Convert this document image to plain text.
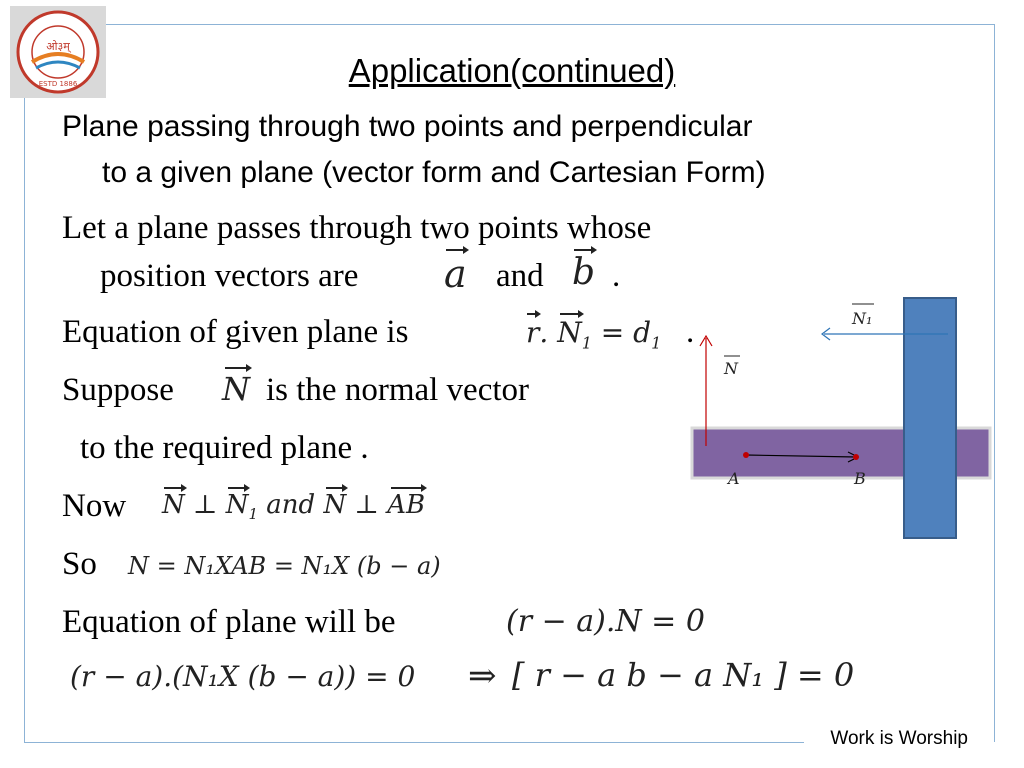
ओ३म्
ESTD 1886	Application(continued)
Plane passing through two points and perpendicular
to a given plane (vector form and Cartesian Form)
Let a plane passes through two points whose
position vectors are a and b .
Equation of given plane is	r. $N_1 = d_1$ .
Suppose N is the normal vector
to the required plane .
Now N ⊥ $N_1$ and N ⊥ AB
So N = N₁XAB = N₁X (b − a)
Equation of plane will be	(r − a).N = 0
(r − a).(N₁X (b − a)) = 0 ⇒ [ r − a b − a N₁ ] = 0
N₁
N
A	B
Work is Worship
